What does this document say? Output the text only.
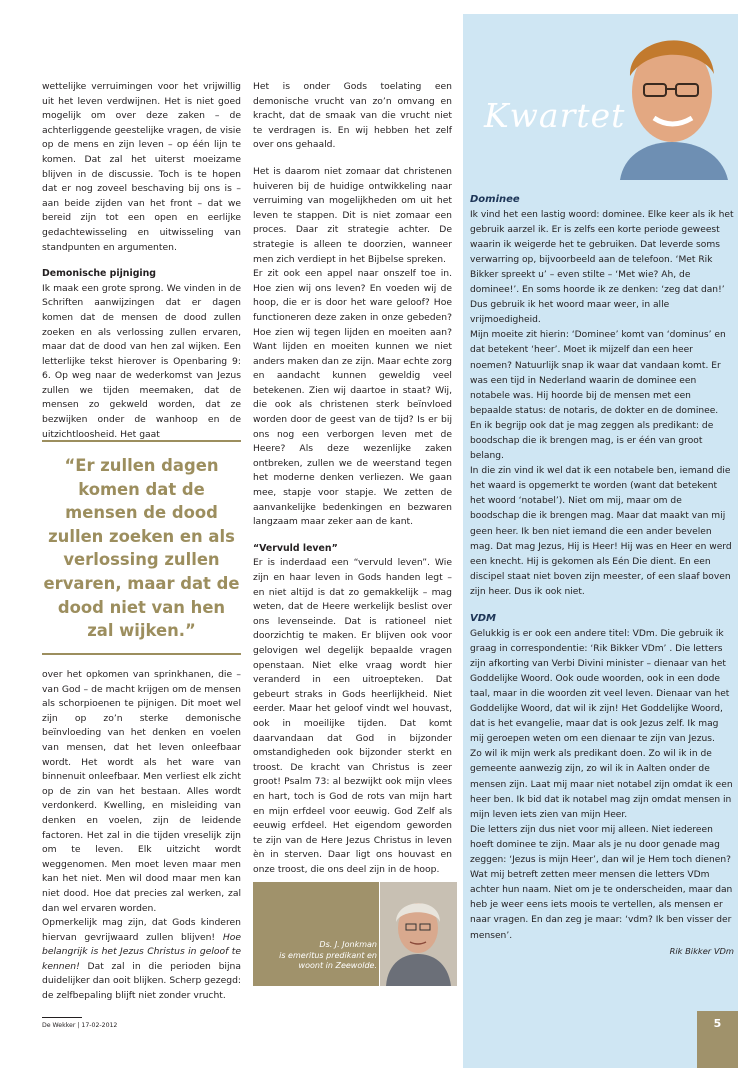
wettelijke verruimingen voor het vrijwillig uit het leven verdwijnen. Het is niet goed mogelijk om over deze zaken – de achterliggende geestelijke vragen, de visie op de mens en zijn leven – op één lijn te komen. Dat zal het uiterst moeizame blijven in de discussie. Toch is te hopen dat er nog zoveel beschaving bij ons is – aan beide zijden van het front – dat we bereid zijn tot een open en eerlijke gedachtewisseling en uitwisseling van standpunten en argumenten.

Demonische pijniging

Ik maak een grote sprong. We vinden in de Schriften aanwijzingen dat er dagen komen dat de mensen de dood zullen zoeken en als verlossing zullen ervaren, maar dat de dood van hen zal wijken. Een letterlijke tekst hierover is Openbaring 9: 6. Op weg naar de wederkomst van Jezus zullen we tijden meemaken, dat de mensen zo gekweld worden, dat ze bezwijken onder de wanhoop en de uitzichtloosheid. Het gaat

“Er zullen dagen komen dat de mensen de dood zullen zoeken en als verlossing zullen ervaren, maar dat de dood niet van hen zal wijken.”

over het opkomen van sprinkhanen, die – van God – de macht krijgen om de mensen als schorpioenen te pijnigen. Dit moet wel zijn op zo’n sterke demonische beïnvloeding van het denken en voelen van mensen, dat het leven onleefbaar wordt. Het wordt als het ware van binnenuit onleefbaar. Men verliest elk zicht op de zin van het bestaan. Alles wordt verdonkerd. Kwelling, en misleiding van denken en voelen, zijn de leidende factoren. Het zal in die tijden vreselijk zijn om te leven. Elk uitzicht wordt weggenomen. Men moet leven maar men kan het niet. Men wil dood maar men kan niet dood. Hoe dat precies zal werken, zal dan wel ervaren worden.

Opmerkelijk mag zijn, dat Gods kinderen hiervan gevrijwaard zullen blijven! Hoe belangrijk is het Jezus Christus in geloof te kennen! Dat zal in die perioden bijna duidelijker dan ooit blijken. Scherp gezegd: de zelfbepaling blijft niet zonder vrucht.

Het is onder Gods toelating een demonische vrucht van zo’n omvang en kracht, dat de smaak van die vrucht niet te verdragen is. En wij hebben het zelf over ons gehaald.

Het is daarom niet zomaar dat christenen huiveren bij de huidige ontwikkeling naar verruiming van mogelijkheden om uit het leven te stappen. Dit is niet zomaar een proces. Daar zit strategie achter. De strategie is alleen te doorzien, wanneer men zich verdiept in het Bijbelse spreken.

Er zit ook een appel naar onszelf toe in. Hoe zien wij ons leven? En voeden wij de hoop, die er is door het ware geloof? Hoe functioneren deze zaken in onze gebeden? Hoe zien wij tegen lijden en moeiten aan? Want lijden en moeiten kunnen we niet anders maken dan ze zijn. Maar echte zorg en aandacht kunnen geweldig veel betekenen. Zien wij daartoe in staat? Wij, die ook als christenen sterk beïnvloed worden door de geest van de tijd? Is er bij ons nog een verborgen leven met de Heere? Als deze wezenlijke zaken ontbreken, zullen we de weerstand tegen het moderne denken verliezen. We gaan mee, stapje voor stapje. We zetten de aanvankelijke bedenkingen en bezwaren langzaam maar zeker aan de kant.

“Vervuld leven”

Er is inderdaad een “vervuld leven”. Wie zijn en haar leven in Gods handen legt – en niet altijd is dat zo gemakkelijk – mag weten, dat de Heere werkelijk beslist over ons levenseinde. Dat is rationeel niet doorzichtig te maken. Er blijven ook voor gelovigen wel degelijk bepaalde vragen openstaan. Niet elke vraag wordt hier veranderd in een uitroepteken. Dat gebeurt straks in Gods heerlijkheid. Niet eerder. Maar het geloof vindt wel houvast, ook in moeilijke tijden. Dat komt daarvandaan dat God in bijzonder omstandigheden ook bijzonder sterkt en troost. De kracht van Christus is zeer groot! Psalm 73: al bezwijkt ook mijn vlees en hart, toch is God de rots van mijn hart en mijn erfdeel voor eeuwig. God Zelf als eeuwig erfdeel. Het eigendom geworden te zijn van de Here Jezus Christus in leven èn in sterven. Daar ligt ons houvast en onze troost, die ons deel zijn in de hoop.

Ds. J. Jonkman
is emeritus predikant en
woont in Zeewolde.
Kwartet
Dominee

Ik vind het een lastig woord: dominee. Elke keer als ik het gebruik aarzel ik. Er is zelfs een korte periode geweest waarin ik weigerde het te gebruiken. Dat leverde soms verwarring op, bijvoorbeeld aan de telefoon. ‘Met Rik Bikker spreekt u’ – even stilte – ‘Met wie? Ah, de dominee!’. En soms hoorde ik ze denken: ‘zeg dat dan!’ Dus gebruik ik het woord maar weer, in alle vrijmoedigheid.

Mijn moeite zit hierin: ‘Dominee’ komt van ‘dominus’ en dat betekent ‘heer’. Moet ik mijzelf dan een heer noemen? Natuurlijk snap ik waar dat vandaan komt. Er was een tijd in Nederland waarin de dominee een notabele was. Hij hoorde bij de mensen met een bepaalde status: de notaris, de dokter en de dominee.

En ik begrijp ook dat je mag zeggen als predikant: de boodschap die ik brengen mag, is er één van groot belang.

In die zin vind ik wel dat ik een notabele ben, iemand die het waard is opgemerkt te worden (want dat betekent het woord ‘notabel’). Niet om mij, maar om de boodschap die ik brengen mag. Maar dat maakt van mij geen heer. Ik ben niet iemand die een ander bevelen mag. Dat mag Jezus, Hij is Heer! Hij was en Heer en werd een knecht. Hij is gekomen als Eén Die dient. En een discipel staat niet boven zijn meester, of een slaaf boven zijn heer. Dus ik ook niet.

VDM

Gelukkig is er ook een andere titel: VDm. Die gebruik ik graag in correspondentie: ‘Rik Bikker VDm’ . Die letters zijn afkorting van Verbi Divini minister – dienaar van het Goddelijke Woord. Ook oude woorden, ook in een dode taal, maar in die woorden zit veel leven. Dienaar van het Goddelijke Woord, dat wil ik zijn! Het Goddelijke Woord, dat is het evangelie, maar dat is ook Jezus zelf. Ik mag mij geroepen weten om een dienaar te zijn van Jezus.

Zo wil ik mijn werk als predikant doen. Zo wil ik in de gemeente aanwezig zijn, zo wil ik in Aalten onder de mensen zijn. Laat mij maar niet notabel zijn omdat ik een heer ben. Ik bid dat ik notabel mag zijn omdat mensen in mijn leven iets zien van mijn Heer.

Die letters zijn dus niet voor mij alleen. Niet iedereen hoeft dominee te zijn. Maar als je nu door genade mag zeggen: ‘Jezus is mijn Heer’, dan wil je Hem toch dienen? Wat mij betreft zetten meer mensen die letters VDm achter hun naam. Niet om je te onderscheiden, maar dan heb je weer eens iets moois te vertellen, als mensen er naar vragen. En dan zeg je maar: ‘vdm? Ik ben visser der mensen’.

Rik Bikker VDm

De Wekker | 17-02-2012	5
